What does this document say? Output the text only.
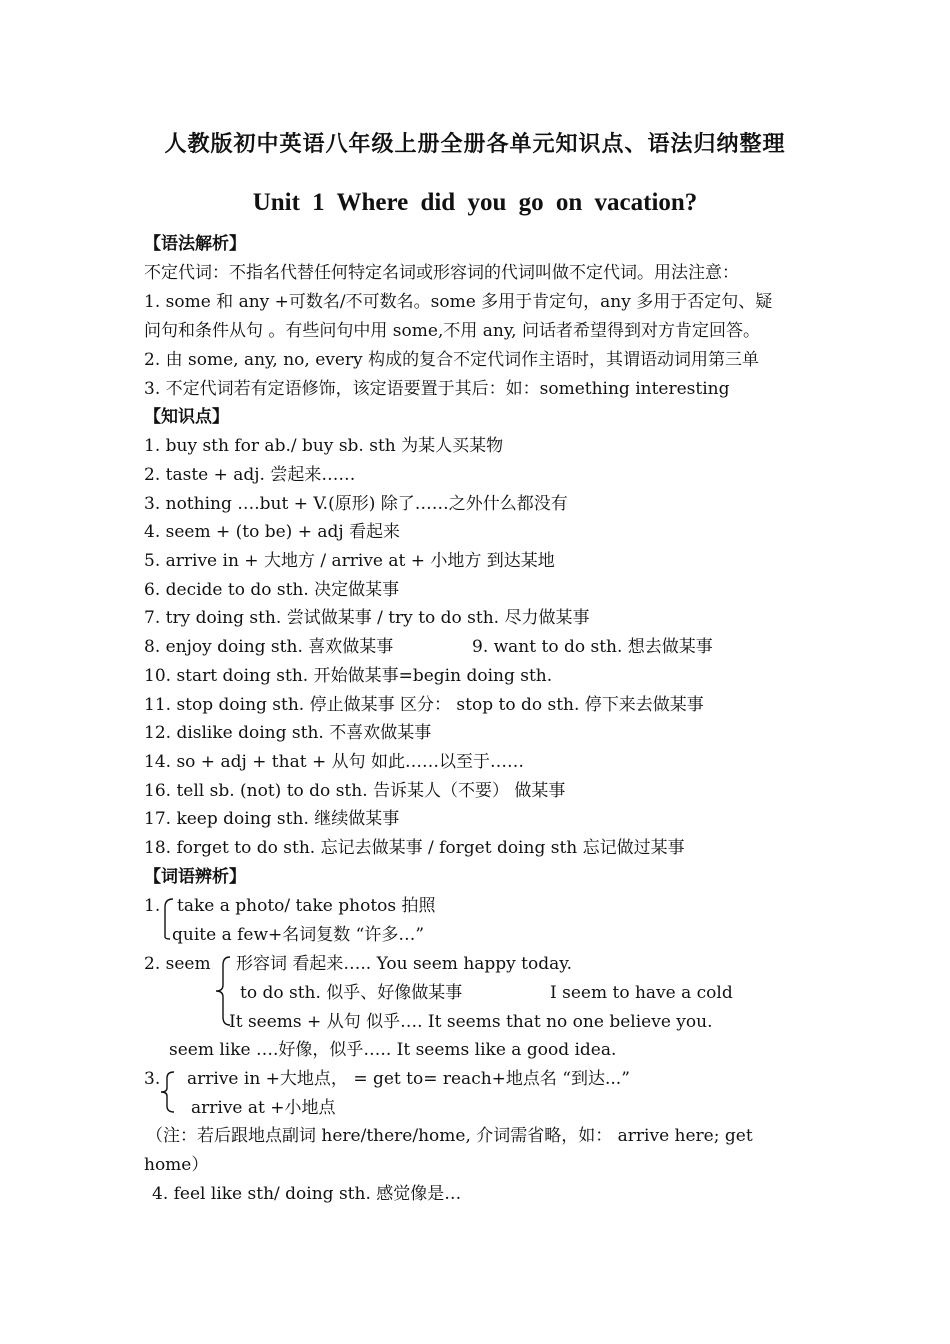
人教版初中英语八年级上册全册各单元知识点、语法归纳整理
Unit 1 Where did you go on vacation?
【语法解析】
不定代词：不指名代替任何特定名词或形容词的代词叫做不定代词。用法注意：
1. some 和 any +可数名/不可数名。some 多用于肯定句，any 多用于否定句、疑
问句和条件从句 。有些问句中用 some,不用 any, 问话者希望得到对方肯定回答。
2. 由 some, any, no, every 构成的复合不定代词作主语时，其谓语动词用第三单
3. 不定代词若有定语修饰，该定语要置于其后：如：something interesting
【知识点】
1. buy sth for ab./ buy sb. sth 为某人买某物
2. taste + adj. 尝起来……
3. nothing ….but + V.(原形) 除了……之外什么都没有
4. seem + (to be) + adj 看起来
5. arrive in + 大地方 / arrive at + 小地方 到达某地
6. decide to do sth. 决定做某事
7. try doing sth. 尝试做某事 / try to do sth. 尽力做某事
8. enjoy doing sth. 喜欢做某事	9. want to do sth. 想去做某事
10. start doing sth. 开始做某事=begin doing sth.
11. stop doing sth. 停止做某事 区分： stop to do sth. 停下来去做某事
12. dislike doing sth. 不喜欢做某事
14. so + adj + that + 从句 如此……以至于……
16. tell sb. (not) to do sth. 告诉某人（不要） 做某事
17. keep doing sth. 继续做某事
18. forget to do sth. 忘记去做某事 / forget doing sth 忘记做过某事
【词语辨析】
1. take a photo/ take photos 拍照
quite a few+名词复数 “许多…”
2. seem 形容词 看起来….. You seem happy today.
to do sth. 似乎、好像做某事	I seem to have a cold
It seems + 从句 似乎…. It seems that no one believe you.
seem like ….好像，似乎….. It seems like a good idea.
3. arrive in +大地点， = get to= reach+地点名 “到达...”
arrive at +小地点
（注：若后跟地点副词 here/there/home, 介词需省略，如： arrive here; get
home）
4. feel like sth/ doing sth. 感觉像是…
